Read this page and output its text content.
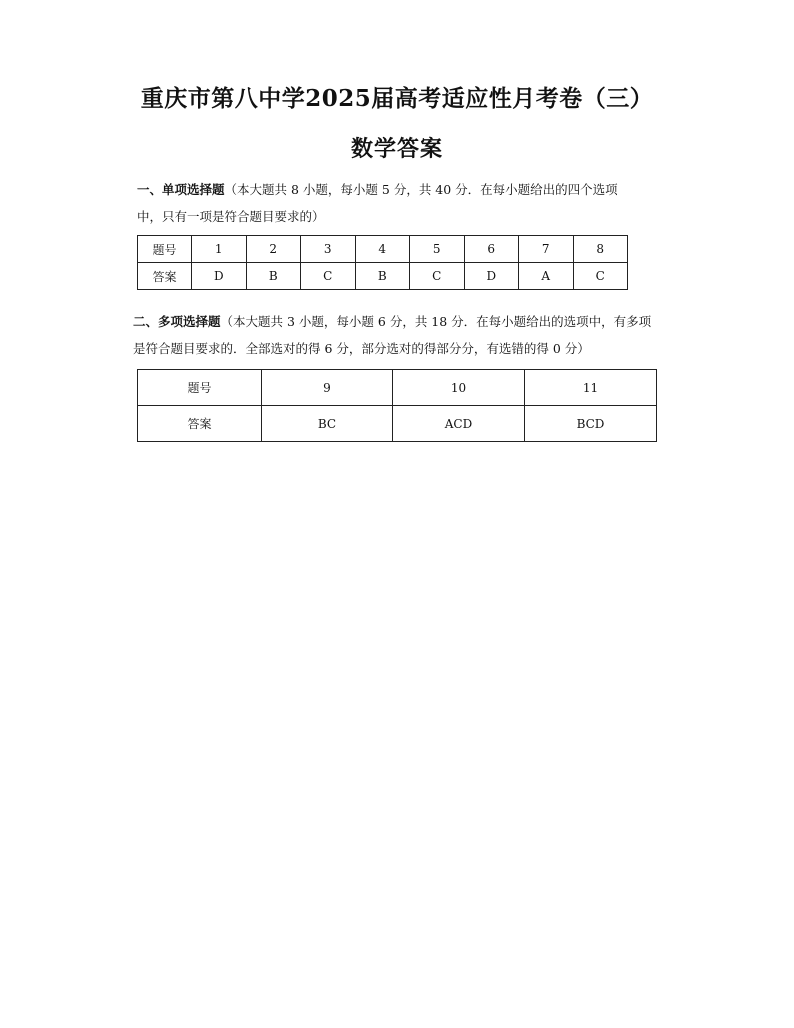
重庆市第八中学2025届高考适应性月考卷（三）
数学答案
一、单项选择题（本大题共 8 小题，每小题 5 分，共 40 分．在每小题给出的四个选项中，只有一项是符合题目要求的）
题号	1	2	3	4	5	6	7	8
答案	D	B	C	B	C	D	A	C
二、多项选择题（本大题共 3 小题，每小题 6 分，共 18 分．在每小题给出的选项中，有多项是符合题目要求的．全部选对的得 6 分，部分选对的得部分分，有选错的得 0 分）
题号	9	10	11
答案	BC	ACD	BCD
